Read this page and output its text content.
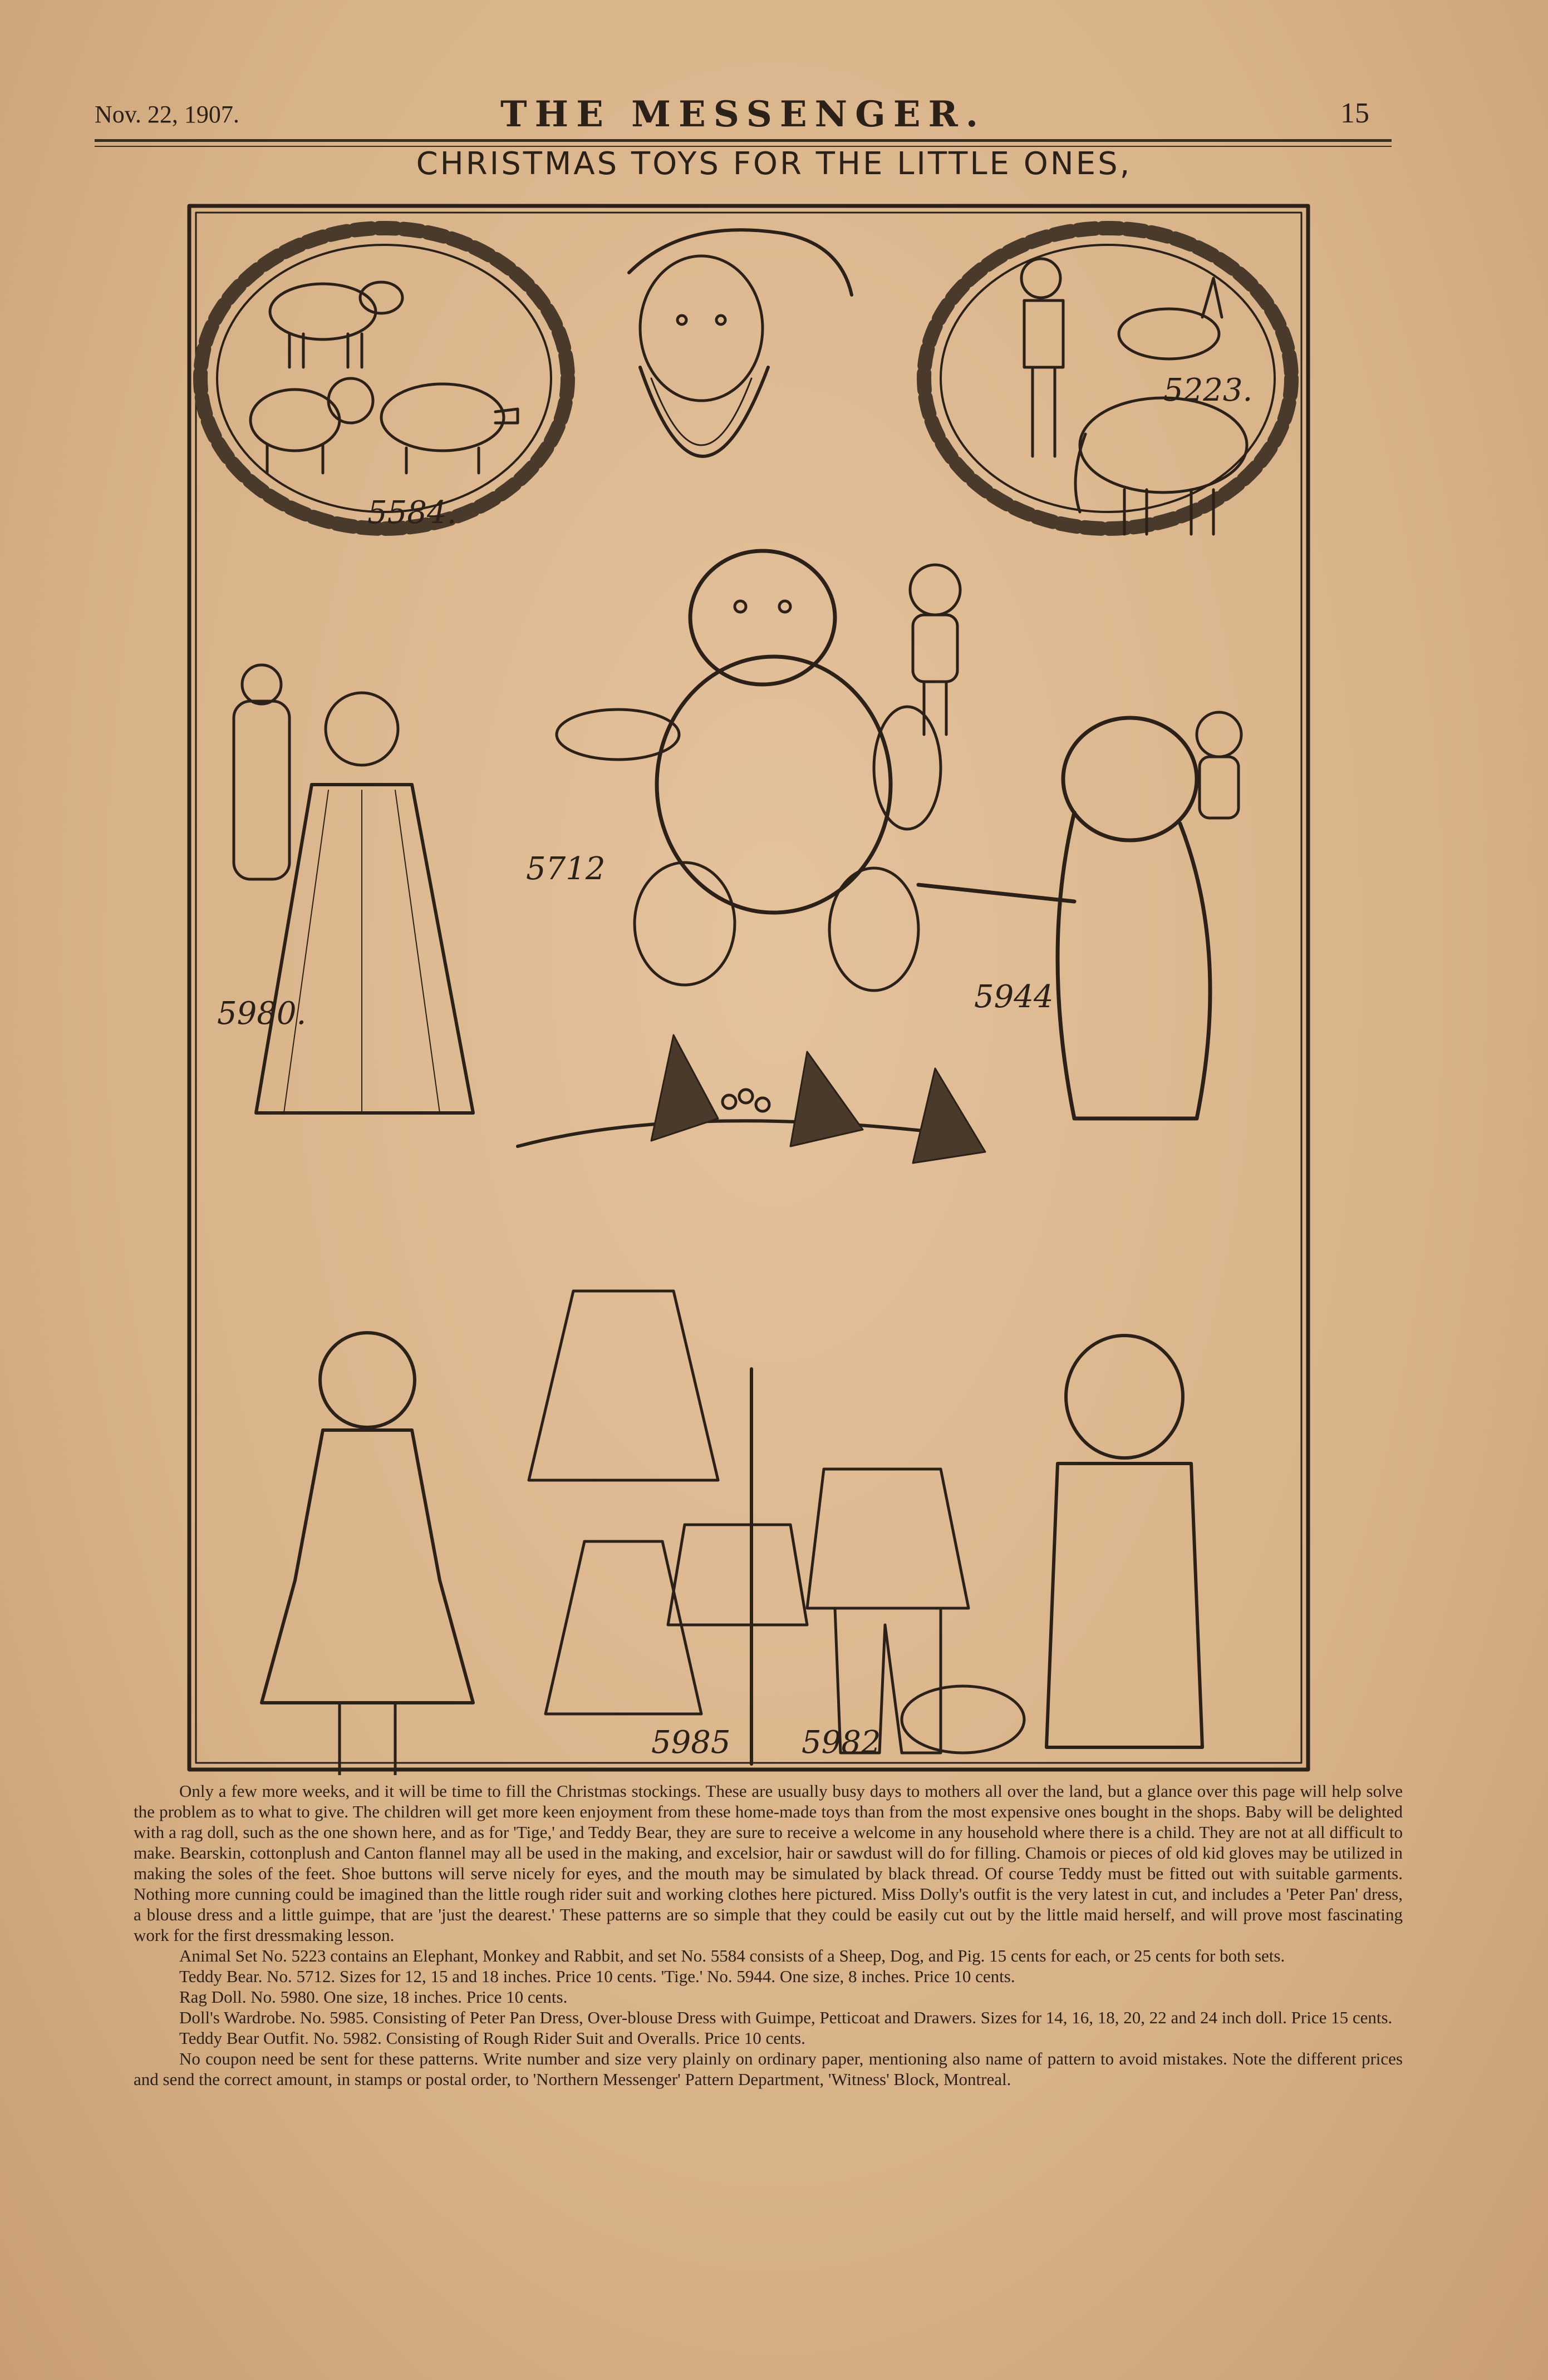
Nov. 22, 1907.	THE MESSENGER.	15
CHRISTMAS TOYS FOR THE LITTLE ONES,
5584.
5223.
5712
5980.	5944
5985 5982

Only a few more weeks, and it will be time to fill the Christmas stockings. These are usually busy days to mothers all over the land, but a glance over this page will help solve the problem as to what to give. The children will get more keen enjoyment from these home-made toys than from the most expensive ones bought in the shops. Baby will be delighted with a rag doll, such as the one shown here, and as for 'Tige,' and Teddy Bear, they are sure to receive a welcome in any household where there is a child. They are not at all difficult to make. Bearskin, cottonplush and Canton flannel may all be used in the making, and excelsior, hair or sawdust will do for filling. Chamois or pieces of old kid gloves may be utilized in making the soles of the feet. Shoe buttons will serve nicely for eyes, and the mouth may be simulated by black thread. Of course Teddy must be fitted out with suitable garments. Nothing more cunning could be imagined than the little rough rider suit and working clothes here pictured. Miss Dolly's outfit is the very latest in cut, and includes a 'Peter Pan' dress, a blouse dress and a little guimpe, that are 'just the dearest.' These patterns are so simple that they could be easily cut out by the little maid herself, and will prove most fascinating work for the first dressmaking lesson.

Animal Set No. 5223 contains an Elephant, Monkey and Rabbit, and set No. 5584 consists of a Sheep, Dog, and Pig. 15 cents for each, or 25 cents for both sets.

Teddy Bear. No. 5712. Sizes for 12, 15 and 18 inches. Price 10 cents. 'Tige.' No. 5944. One size, 8 inches. Price 10 cents.

Rag Doll. No. 5980. One size, 18 inches. Price 10 cents.

Doll's Wardrobe. No. 5985. Consisting of Peter Pan Dress, Over-blouse Dress with Guimpe, Petticoat and Drawers. Sizes for 14, 16, 18, 20, 22 and 24 inch doll. Price 15 cents.

Teddy Bear Outfit. No. 5982. Consisting of Rough Rider Suit and Overalls. Price 10 cents.

No coupon need be sent for these patterns. Write number and size very plainly on ordinary paper, mentioning also name of pattern to avoid mistakes. Note the different prices and send the correct amount, in stamps or postal order, to 'Northern Messenger' Pattern Department, 'Witness' Block, Montreal.
